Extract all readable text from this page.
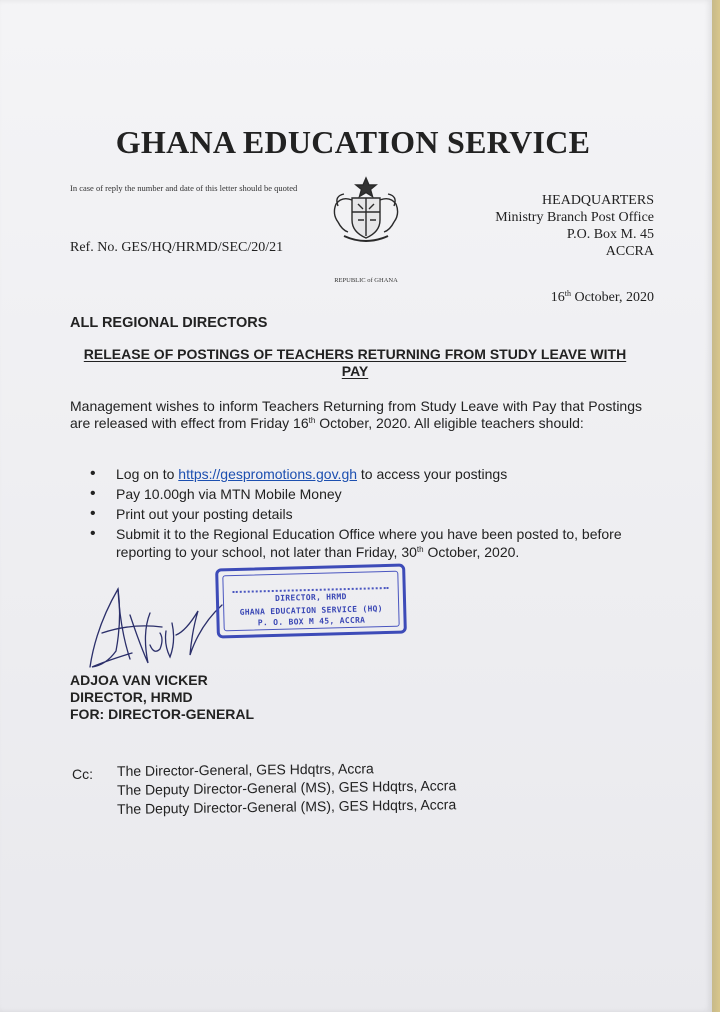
GHANA EDUCATION SERVICE
In case of reply the number and date of this letter should be quoted
Ref. No. GES/HQ/HRMD/SEC/20/21
REPUBLIC of GHANA
HEADQUARTERS
Ministry Branch Post Office
P.O. Box M. 45
ACCRA
16th October, 2020
ALL REGIONAL DIRECTORS
RELEASE OF POSTINGS OF TEACHERS RETURNING FROM STUDY LEAVE WITH PAY
Management wishes to inform Teachers Returning from Study Leave with Pay that Postings are released with effect from Friday 16th October, 2020. All eligible teachers should:
• Log on to https://gespromotions.gov.gh to access your postings
• Pay 10.00gh via MTN Mobile Money
• Print out your posting details
• Submit it to the Regional Education Office where you have been posted to, before reporting to your school, not later than Friday, 30th October, 2020.
DIRECTOR, HRMD
GHANA EDUCATION SERVICE (HQ)
P. O. BOX M 45, ACCRA
ADJOA VAN VICKER
DIRECTOR, HRMD
FOR: DIRECTOR-GENERAL
Cc: The Director-General, GES Hdqtrs, Accra
The Deputy Director-General (MS), GES Hdqtrs, Accra
The Deputy Director-General (MS), GES Hdqtrs, Accra
